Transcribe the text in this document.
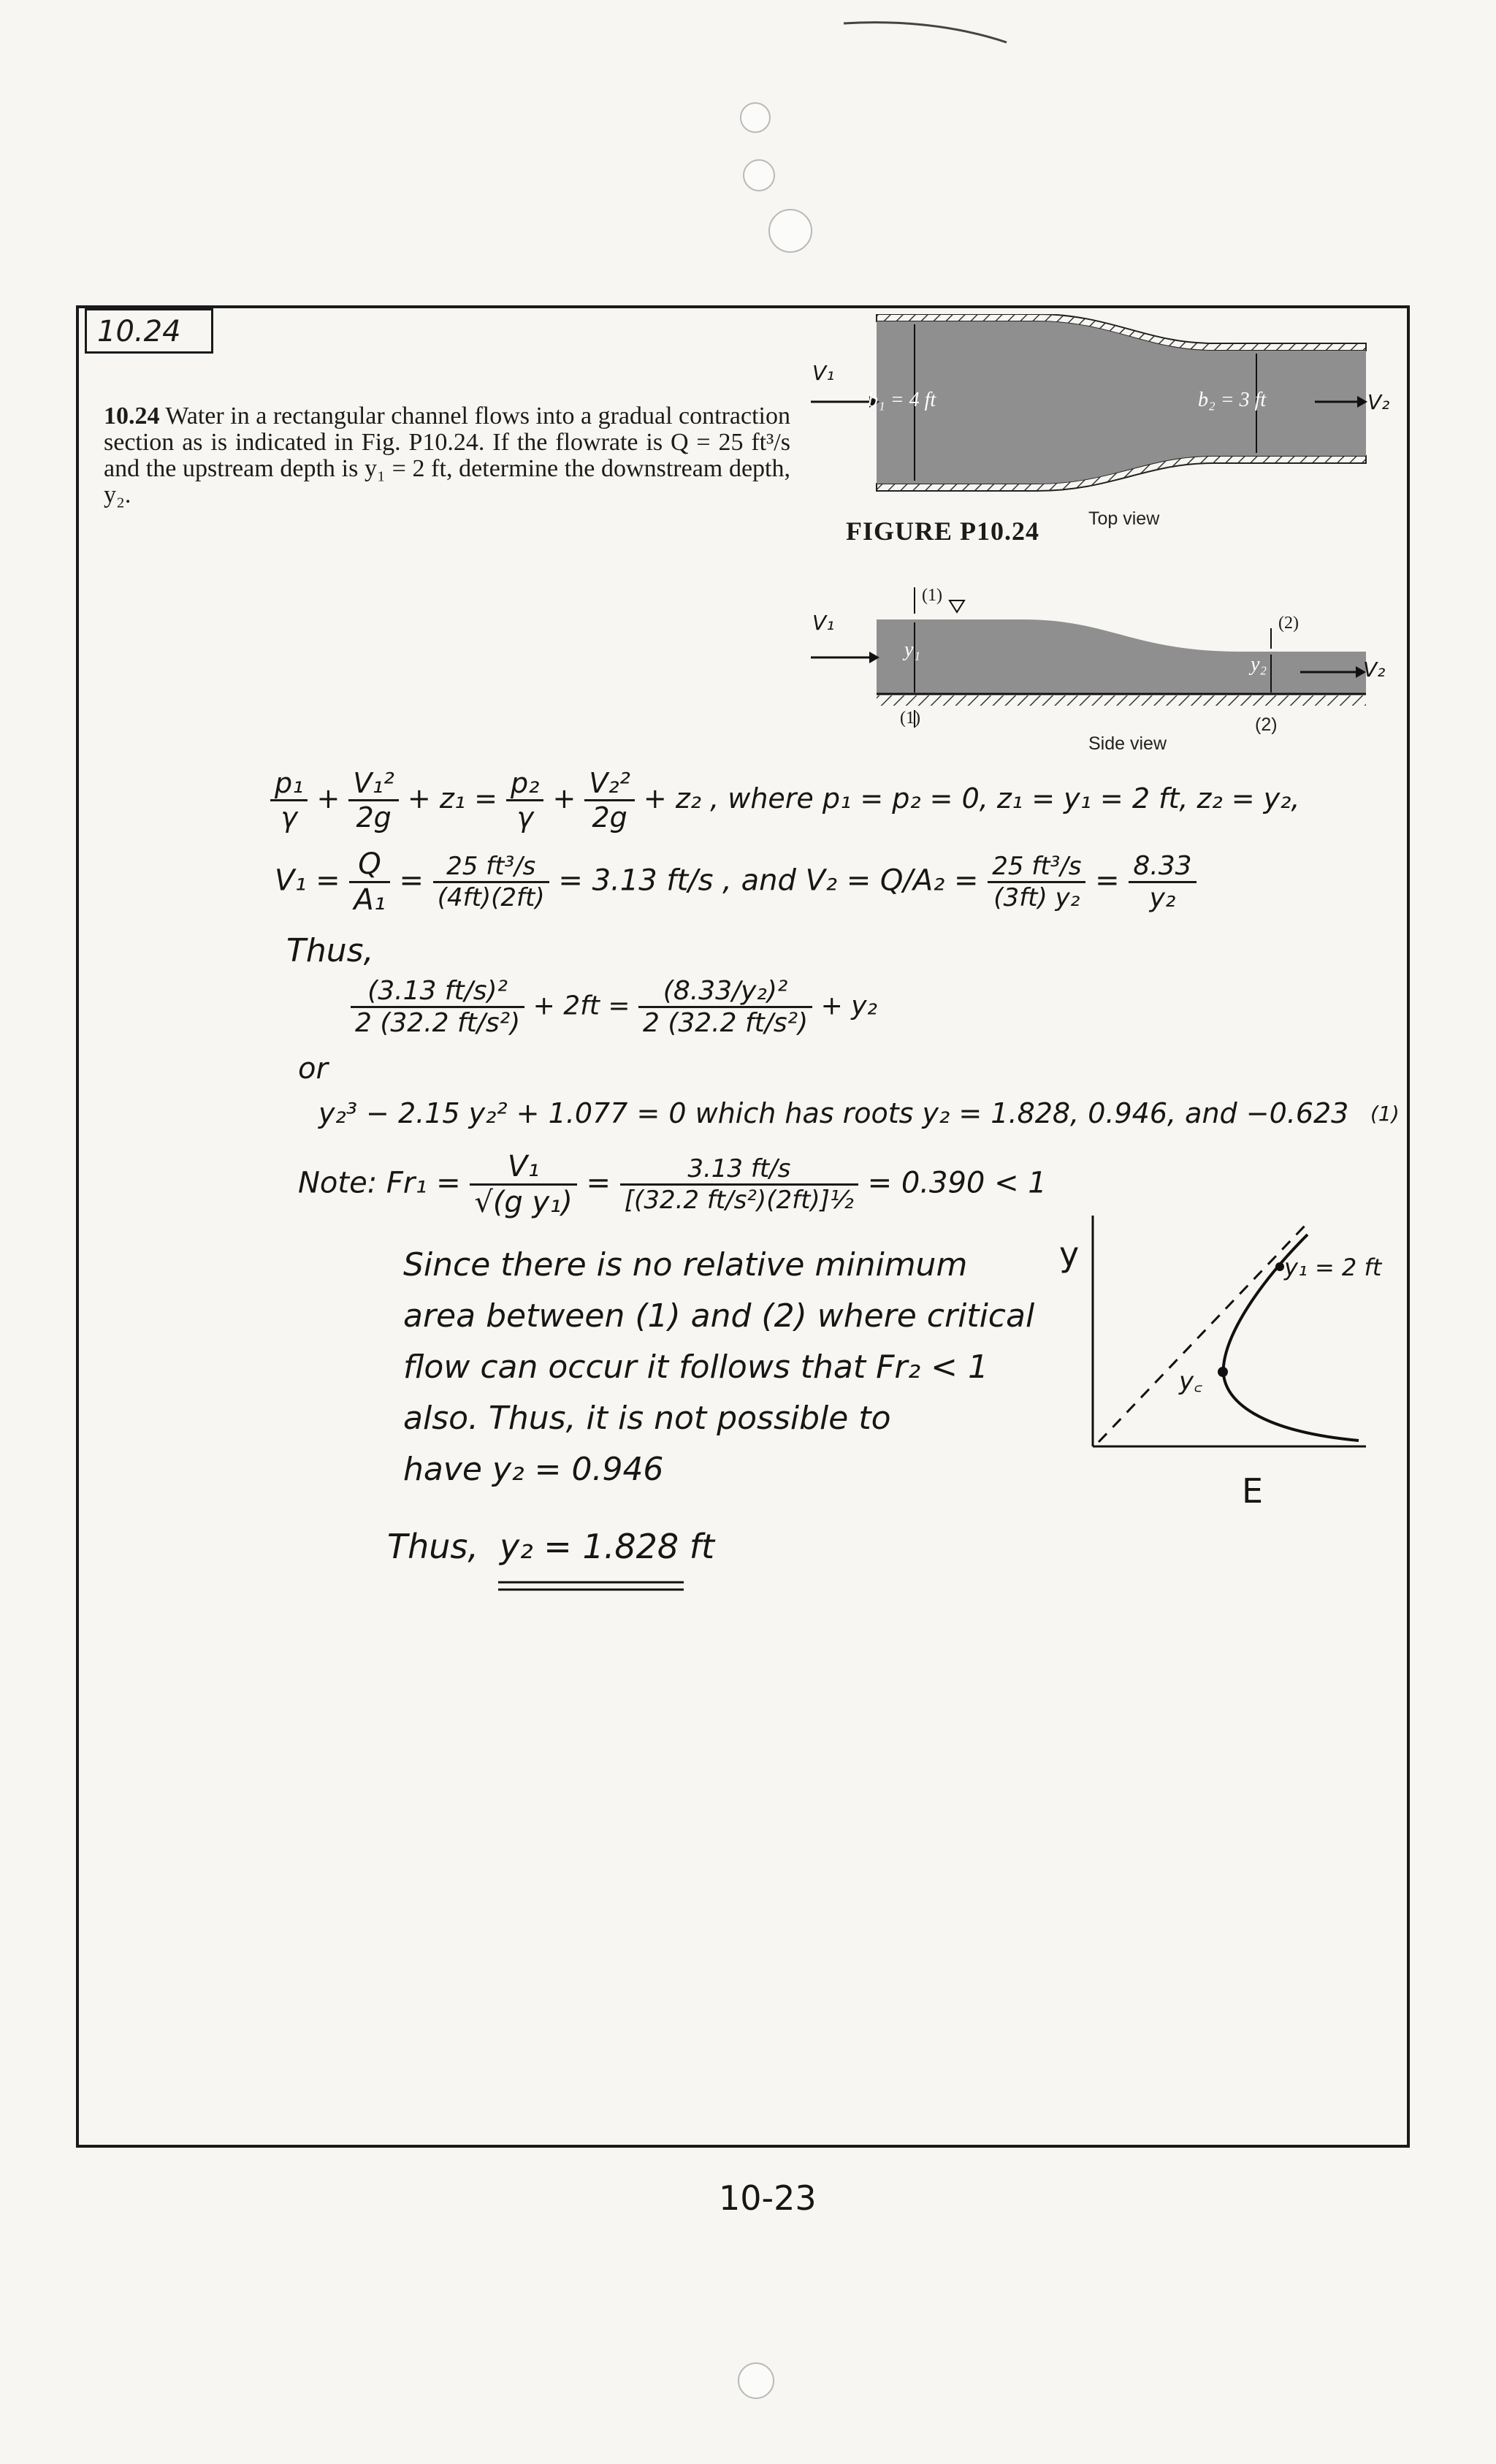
10.24
10.24 Water in a rectangular channel flows into a gradual contraction section as is indicated in Fig. P10.24. If the flowrate is Q = 25 ft³/s and the upstream depth is y₁ = 2 ft, determine the downstream depth, y₂.
V₁
b₁ = 4 ft	b₂ = 3 ft	V₂
FIGURE P10.24	Top view
V₁
(1)
(2)
y₁
y₂	V₂
(1)	(2)
Side view
$\frac{\text{p₁}}{\gamma} + \frac{\text{V₁²}}{2g} + z_1 = \frac{\text{p₂}}{\gamma} + \frac{\text{V₂²}}{2g} + z_2$ , where p₁ = p₂ = 0, z₁ = y₁ = 2 ft, z₂ = y₂,
$V_1 = \frac{Q}{\text{A₁}} = \frac{\text{25 ft³/s}}{(4ft)(2ft)} = 3.13$ ft/s , and $V_2 = Q/A_2 = \frac{\text{25 ft³/s}}{\text{(3ft) y₂}} = \frac{8.33}{\text{y₂}}$
Thus,
$\frac{\text{(3.13 ft/s)²}}{\text{2 (32.2 ft/s²)}} + 2ft = \frac{\text{(8.33/y₂)²}}{\text{2 (32.2 ft/s²)}} + y_2$
or
y₂³ − 2.15 y₂² + 1.077 = 0 which has roots y₂ = 1.828, 0.946, and −0.623 (1)
Note: $Fr_1 = \frac{\text{V₁}}{\text{√(g y₁)}} = \frac{3.13 ft/s}{\text{[(32.2 ft/s²)(2ft)]½}} = 0.390 < 1$
Since there is no relative minimum
area between (1) and (2) where critical
flow can occur it follows that Fr₂ < 1
also. Thus, it is not possible to
have y₂ = 0.946
Thus, y₂ = 1.828 ft
y
E
y₁ = 2 ft
y꜀
10-23
